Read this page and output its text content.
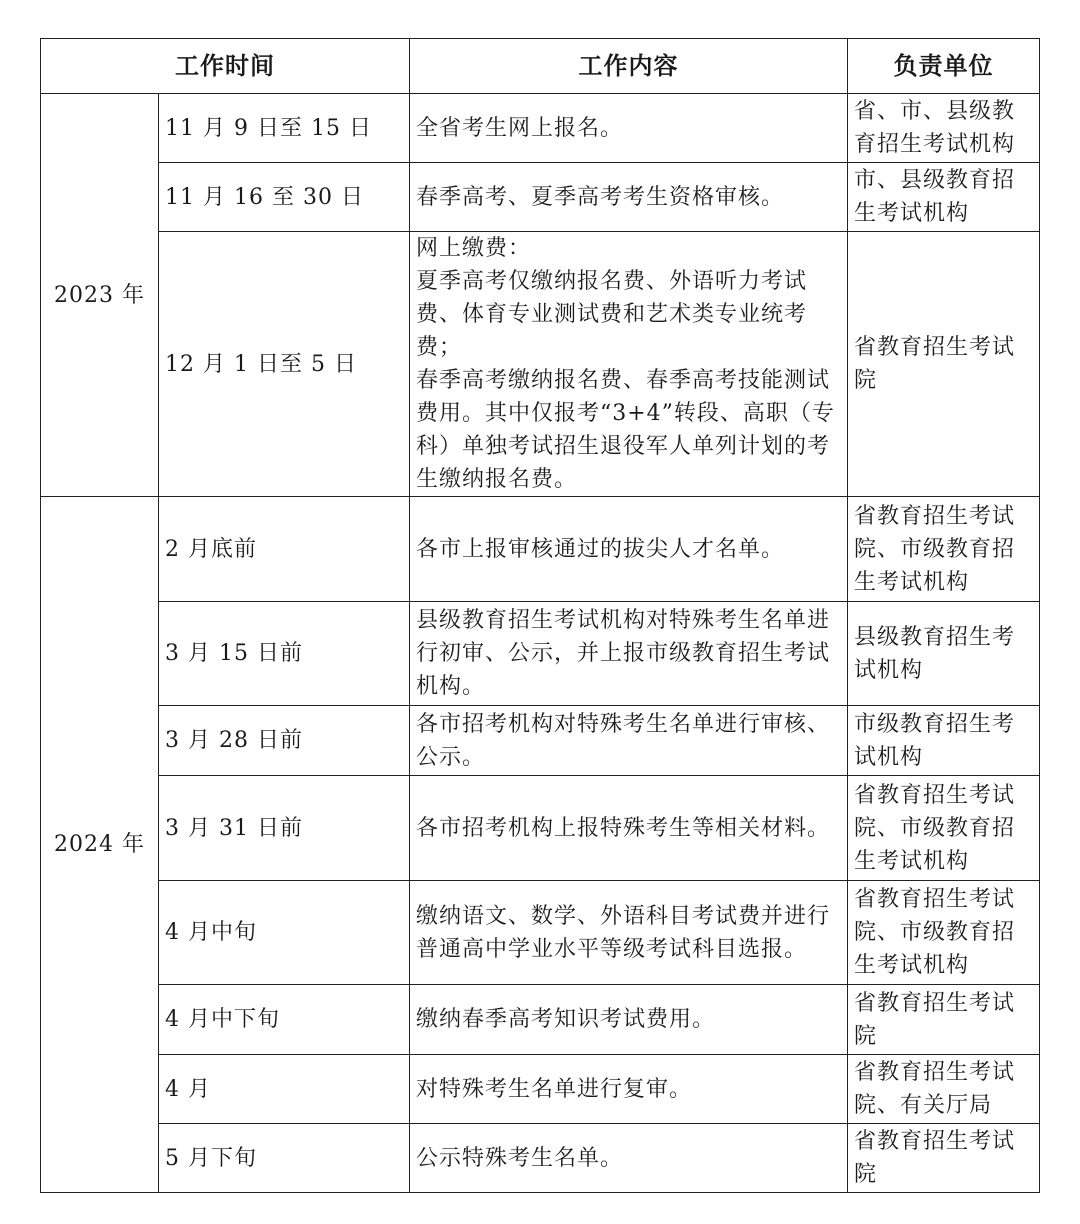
工作时间		工作内容	负责单位
2023 年	11 月 9 日至 15 日	全省考生网上报名。	省、市、县级教育招生考试机构
	11 月 16 至 30 日	春季高考、夏季高考考生资格审核。	市、县级教育招生考试机构
	12 月 1 日至 5 日	网上缴费：
夏季高考仅缴纳报名费、外语听力考试费、体育专业测试费和艺术类专业统考费；
春季高考缴纳报名费、春季高考技能测试费用。其中仅报考“3+4”转段、高职（专科）单独考试招生退役军人单列计划的考生缴纳报名费。	省教育招生考试院
2024 年	2 月底前	各市上报审核通过的拔尖人才名单。	省教育招生考试院、市级教育招生考试机构
	3 月 15 日前	县级教育招生考试机构对特殊考生名单进行初审、公示，并上报市级教育招生考试机构。	县级教育招生考试机构
	3 月 28 日前	各市招考机构对特殊考生名单进行审核、公示。	市级教育招生考试机构
	3 月 31 日前	各市招考机构上报特殊考生等相关材料。	省教育招生考试院、市级教育招生考试机构
	4 月中旬	缴纳语文、数学、外语科目考试费并进行普通高中学业水平等级考试科目选报。	省教育招生考试院、市级教育招生考试机构
	4 月中下旬	缴纳春季高考知识考试费用。	省教育招生考试院
	4 月	对特殊考生名单进行复审。	省教育招生考试院、有关厅局
	5 月下旬	公示特殊考生名单。	省教育招生考试院
